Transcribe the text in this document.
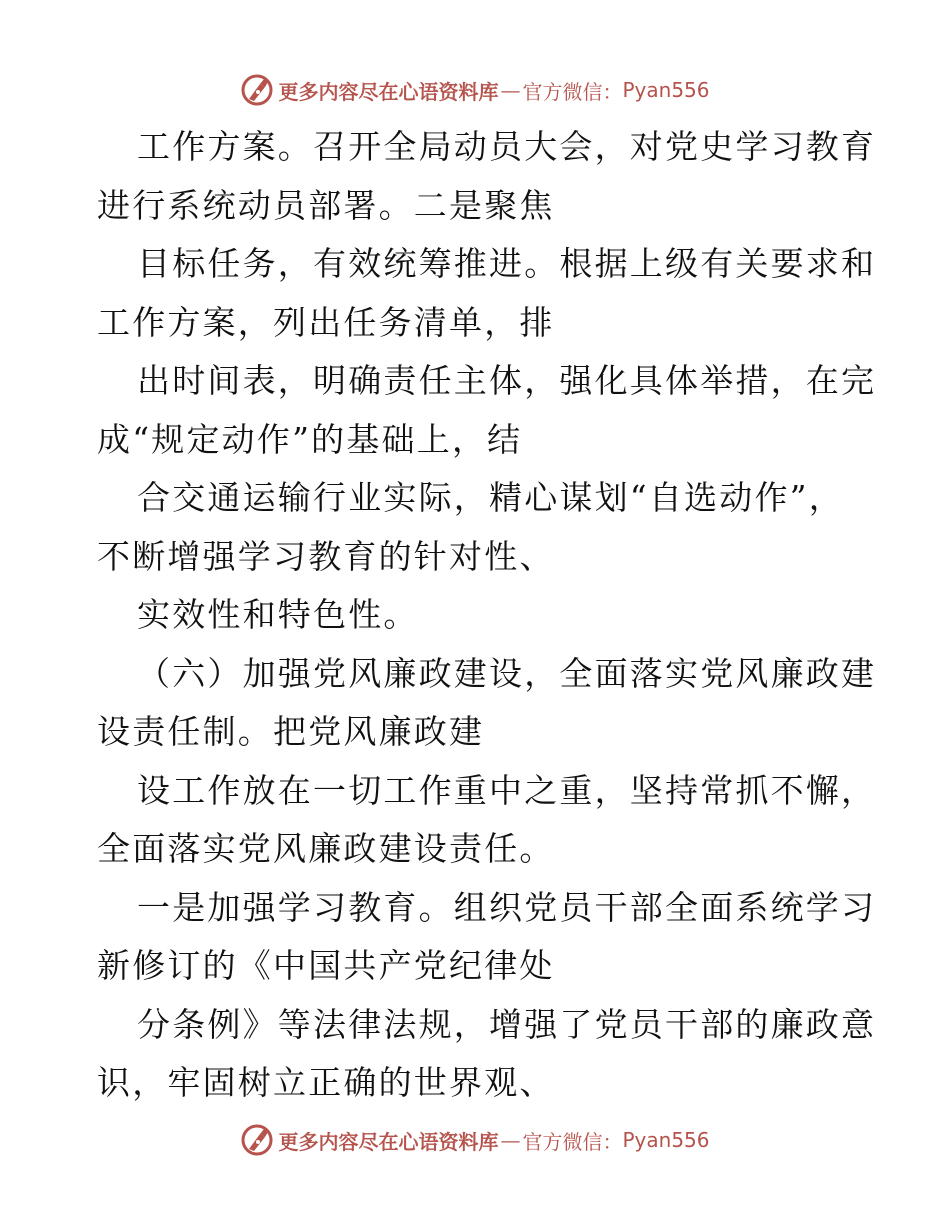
更多内容尽在心语资料库 — 官方微信： Pyan556
工作方案。召开全局动员大会，对党史学习教育
进行系统动员部署。二是聚焦
目标任务，有效统筹推进。根据上级有关要求和
工作方案，列出任务清单，排
出时间表，明确责任主体，强化具体举措，在完
成“规定动作”的基础上，结
合交通运输行业实际，精心谋划“自选动作”，
不断增强学习教育的针对性、
实效性和特色性。
（六）加强党风廉政建设，全面落实党风廉政建
设责任制。把党风廉政建
设工作放在一切工作重中之重，坚持常抓不懈，
全面落实党风廉政建设责任。
一是加强学习教育。组织党员干部全面系统学习
新修订的《中国共产党纪律处
分条例》等法律法规，增强了党员干部的廉政意
识，牢固树立正确的世界观、
更多内容尽在心语资料库 — 官方微信： Pyan556
